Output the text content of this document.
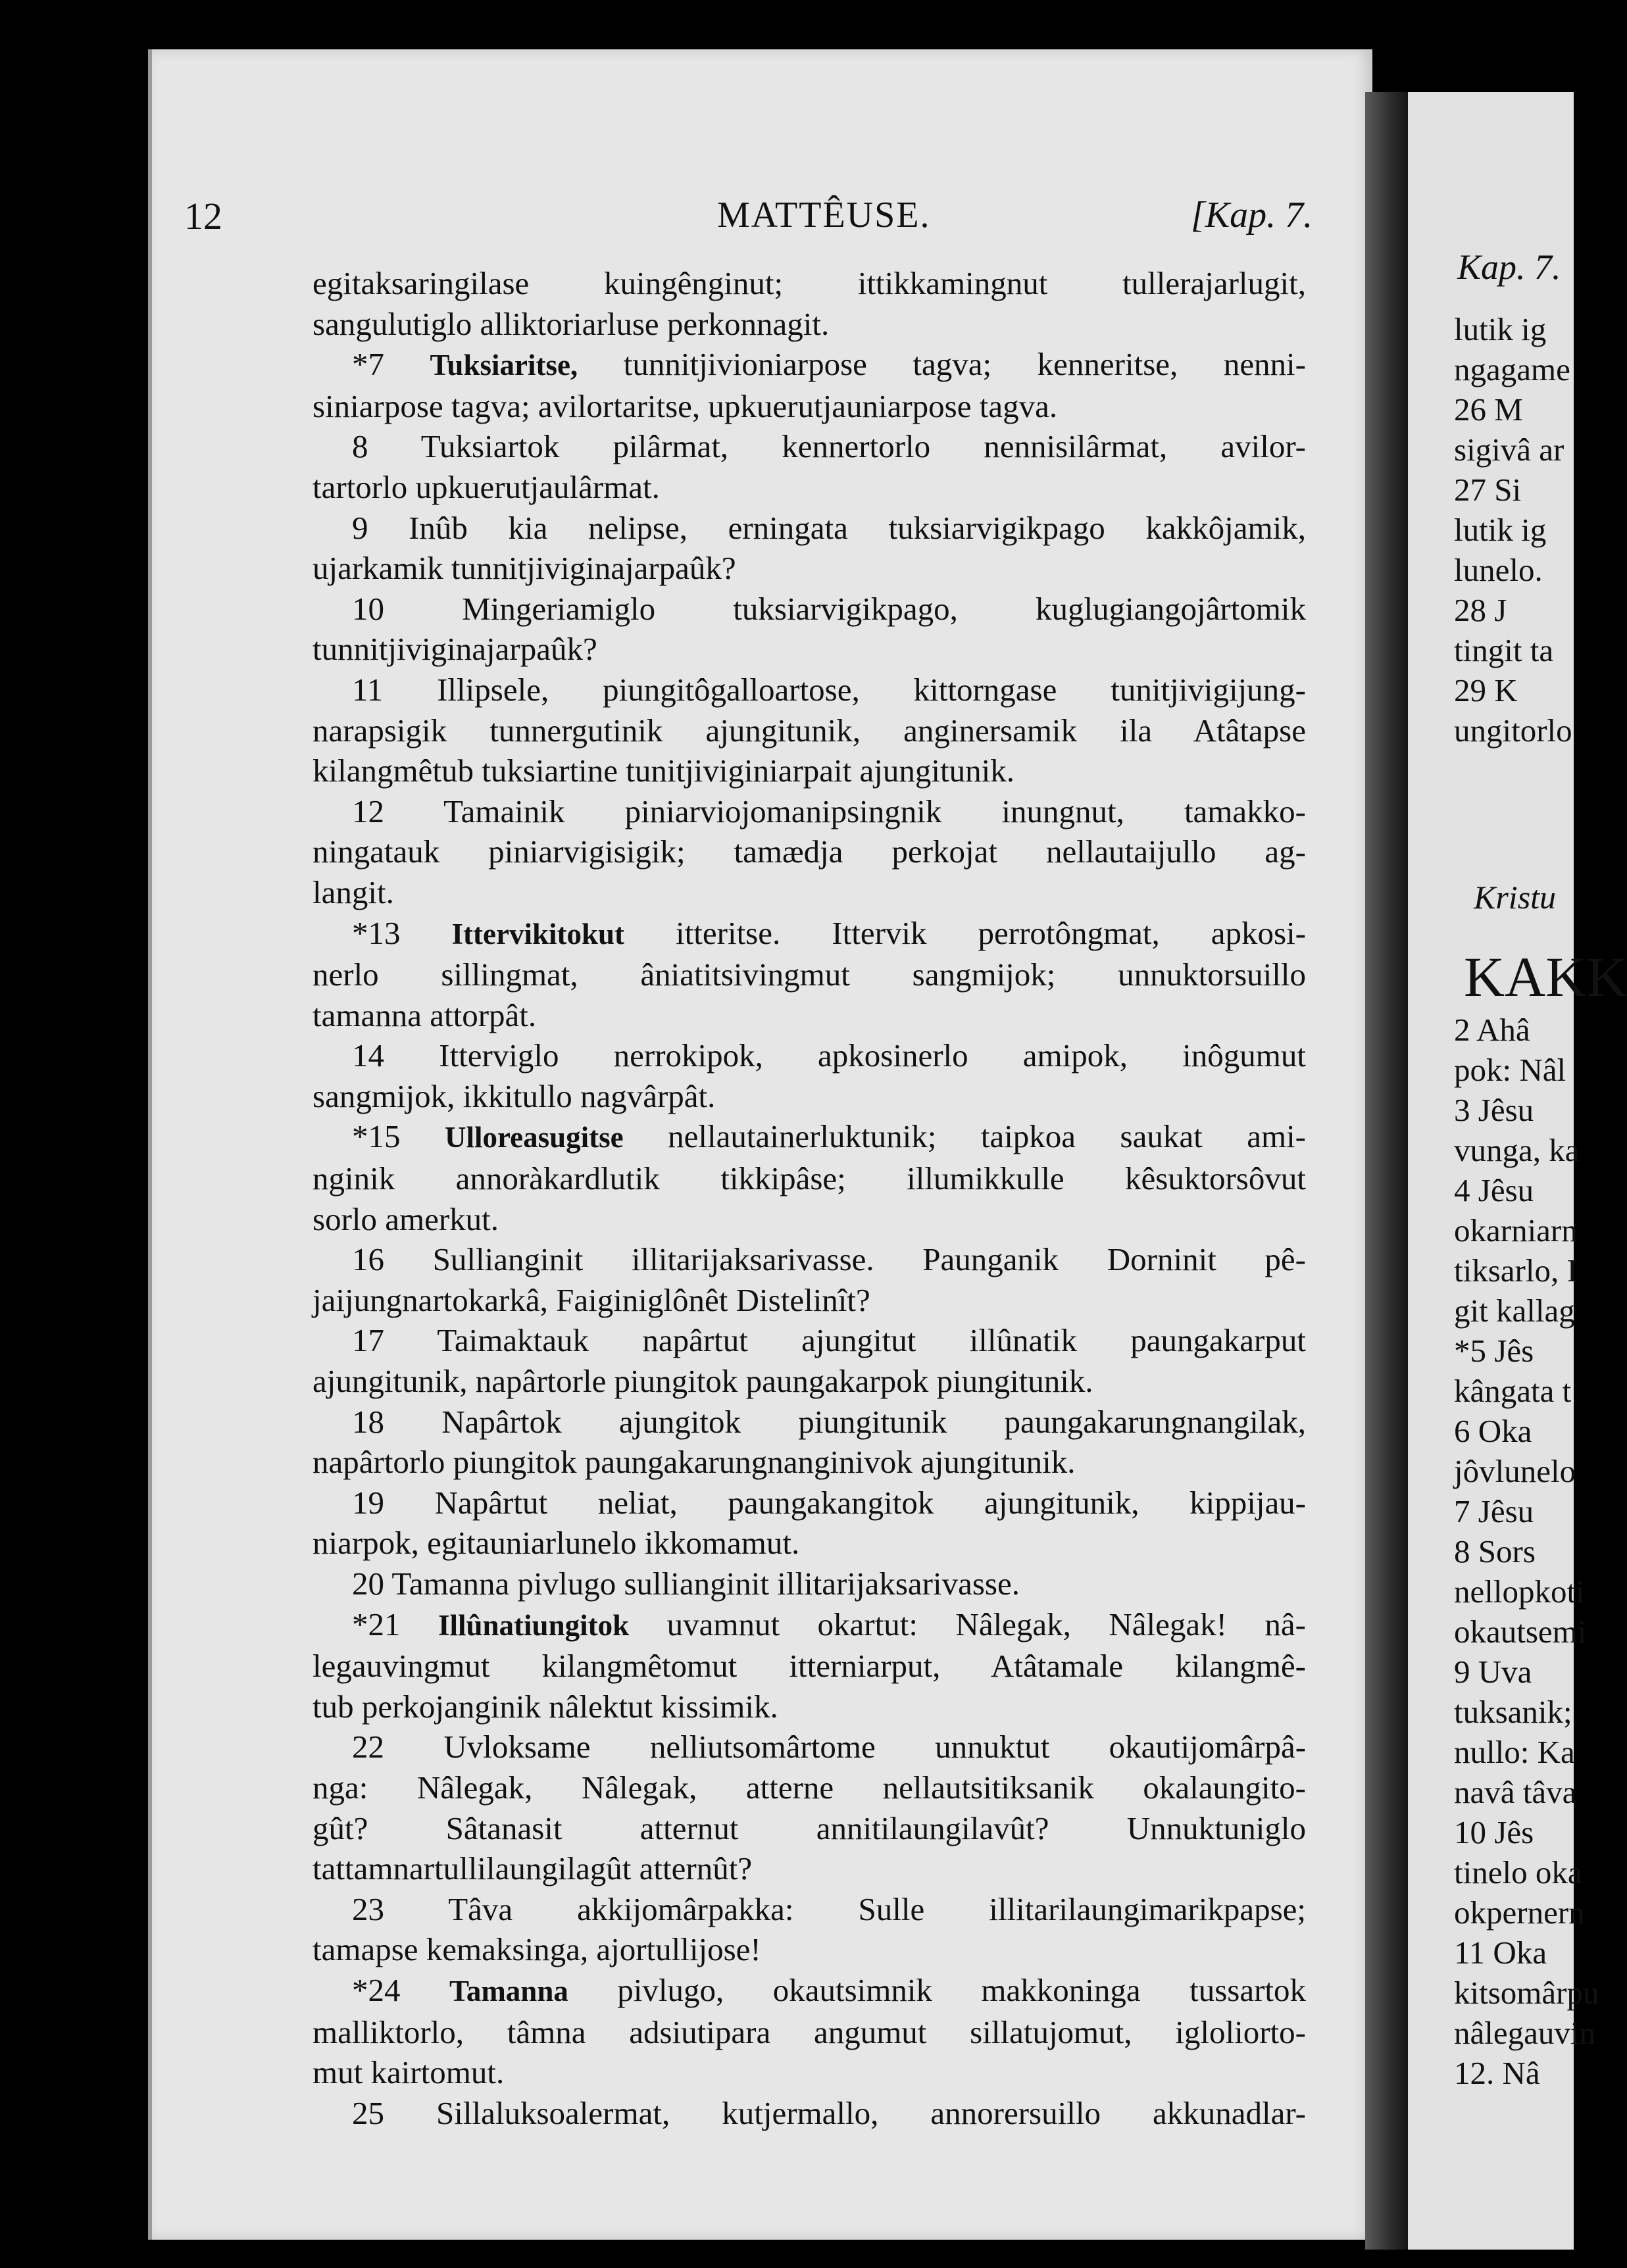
Kap. 7.
lutik ig
ngagame
26 M
sigivâ ar
27 Si
lutik ig
lunelo.
28 J
tingit ta
29 K
ungitorlo
Kristu
KAKK
2 Ahâ
pok: Nâl
3 Jêsu
vunga, ka
4 Jêsu
okarniarn
tiksarlo, I
git kallag
*5 Jês
kângata t
6 Oka
jôvlunelo
7 Jêsu
8 Sors
nellopkoti
okautsemi
9 Uva
tuksanik;
nullo: Ka
navâ tâva
10 Jês
tinelo oka
okpernern
11 Oka
kitsomârpu
nâlegauvin
12. Nâ
12	MATTÊUSE.	[Kap. 7.
egitaksaringilase kuingênginut; ittikkamingnut tullerajarlugit,
sangulutiglo alliktoriarluse perkonnagit.
*7 Tuksiaritse, tunnitjivioniarpose tagva; kenneritse, nenni-
siniarpose tagva; avilortaritse, upkuerutjauniarpose tagva.
8 Tuksiartok pilârmat, kennertorlo nennisilârmat, avilor-
tartorlo upkuerutjaulârmat.
9 Inûb kia nelipse, erningata tuksiarvigikpago kakkôjamik,
ujarkamik tunnitjiviginajarpaûk?
10 Mingeriamiglo tuksiarvigikpago, kuglugiangojârtomik
tunnitjiviginajarpaûk?
11 Illipsele, piungitôgalloartose, kittorngase tunitjivigijung-
narapsigik tunnergutinik ajungitunik, anginersamik ila Atâtapse
kilangmêtub tuksiartine tunitjiviginiarpait ajungitunik.
12 Tamainik piniarviojomanipsingnik inungnut, tamakko-
ningatauk piniarvigisigik; tamædja perkojat nellautaijullo ag-
langit.
*13 Ittervikitokut itteritse. Ittervik perrotôngmat, apkosi-
nerlo sillingmat, âniatitsivingmut sangmijok; unnuktorsuillo
tamanna attorpât.
14 Itterviglo nerrokipok, apkosinerlo amipok, inôgumut
sangmijok, ikkitullo nagvârpât.
*15 Ulloreasugitse nellautainerluktunik; taipkoa saukat ami-
nginik annoràkardlutik tikkipâse; illumikkulle kêsuktorsôvut
sorlo amerkut.
16 Sullianginit illitarijaksarivasse. Paunganik Dorninit pê-
jaijungnartokarkâ, Faiginiglônêt Distelinît?
17 Taimaktauk napârtut ajungitut illûnatik paungakarput
ajungitunik, napârtorle piungitok paungakarpok piungitunik.
18 Napârtok ajungitok piungitunik paungakarungnangilak,
napârtorlo piungitok paungakarungnanginivok ajungitunik.
19 Napârtut neliat, paungakangitok ajungitunik, kippijau-
niarpok, egitauniarlunelo ikkomamut.
20 Tamanna pivlugo sullianginit illitarijaksarivasse.
*21 Illûnatiungitok uvamnut okartut: Nâlegak, Nâlegak! nâ-
legauvingmut kilangmêtomut itterniarput, Atâtamale kilangmê-
tub perkojanginik nâlektut kissimik.
22 Uvloksame nelliutsomârtome unnuktut okautijomârpâ-
nga: Nâlegak, Nâlegak, atterne nellautsitiksanik okalaungito-
gût? Sâtanasit atternut annitilaungilavût? Unnuktuniglo
tattamnartullilaungilagût atternût?
23 Tâva akkijomârpakka: Sulle illitarilaungimarikpapse;
tamapse kemaksinga, ajortullijose!
*24 Tamanna pivlugo, okautsimnik makkoninga tussartok
malliktorlo, tâmna adsiutipara angumut sillatujomut, igloliorto-
mut kairtomut.
25 Sillaluksoalermat, kutjermallo, annorersuillo akkunadlar-
